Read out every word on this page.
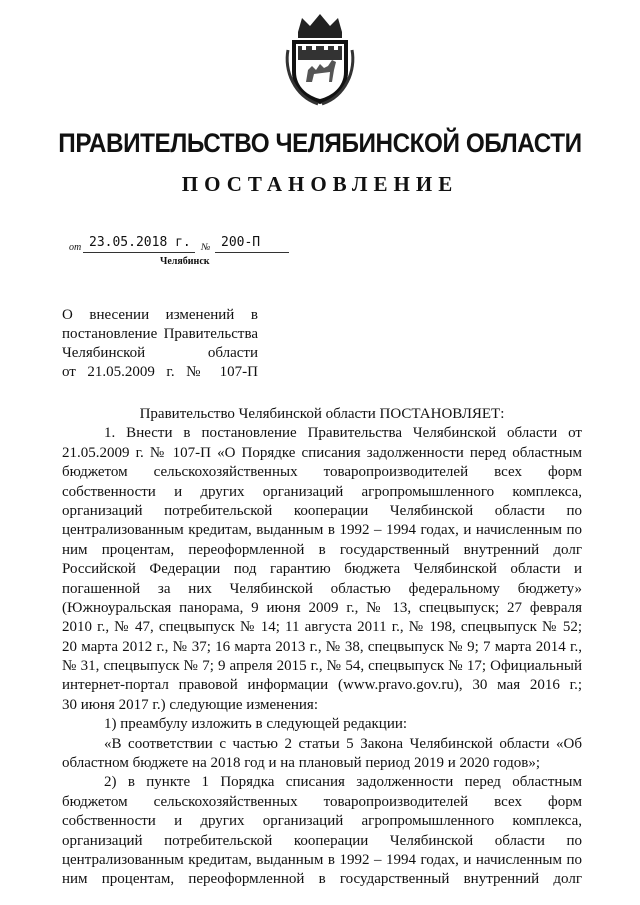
ПРАВИТЕЛЬСТВО ЧЕЛЯБИНСКОЙ ОБЛАСТИ
ПОСТАНОВЛЕНИЕ
от 23.05.2018 г. № 200-П
Челябинск
О внесении изменений в
постановление Правительства
Челябинской	области
от 21.05.2009 г. № 107-П
Правительство Челябинской области ПОСТАНОВЛЯЕТ:
1. Внести в постановление Правительства Челябинской области от
21.05.2009 г. № 107-П «О Порядке списания задолженности перед областным
бюджетом сельскохозяйственных товаропроизводителей всех форм
собственности и других организаций агропромышленного комплекса,
организаций потребительской кооперации Челябинской области по
централизованным кредитам, выданным в 1992 – 1994 годах, и начисленным по
ним процентам, переоформленной в государственный внутренний долг
Российской Федерации под гарантию бюджета Челябинской области и
погашенной за них Челябинской областью федеральному бюджету»
(Южноуральская панорама, 9 июня 2009 г., № 13, спецвыпуск; 27 февраля
2010 г., № 47, спецвыпуск № 14; 11 августа 2011 г., № 198, спецвыпуск № 52;
20 марта 2012 г., № 37; 16 марта 2013 г., № 38, спецвыпуск № 9; 7 марта 2014 г.,
№ 31, спецвыпуск № 7; 9 апреля 2015 г., № 54, спецвыпуск № 17; Официальный
интернет-портал правовой информации (www.pravo.gov.ru), 30 мая 2016 г.;
30 июня 2017 г.) следующие изменения:
1) преамбулу изложить в следующей редакции:
«В соответствии с частью 2 статьи 5 Закона Челябинской области «Об
областном бюджете на 2018 год и на плановый период 2019 и 2020 годов»;
2) в пункте 1 Порядка списания задолженности перед областным
бюджетом сельскохозяйственных товаропроизводителей всех форм
собственности и других организаций агропромышленного комплекса,
организаций потребительской кооперации Челябинской области по
централизованным кредитам, выданным в 1992 – 1994 годах, и начисленным по
ним процентам, переоформленной в государственный внутренний долг
